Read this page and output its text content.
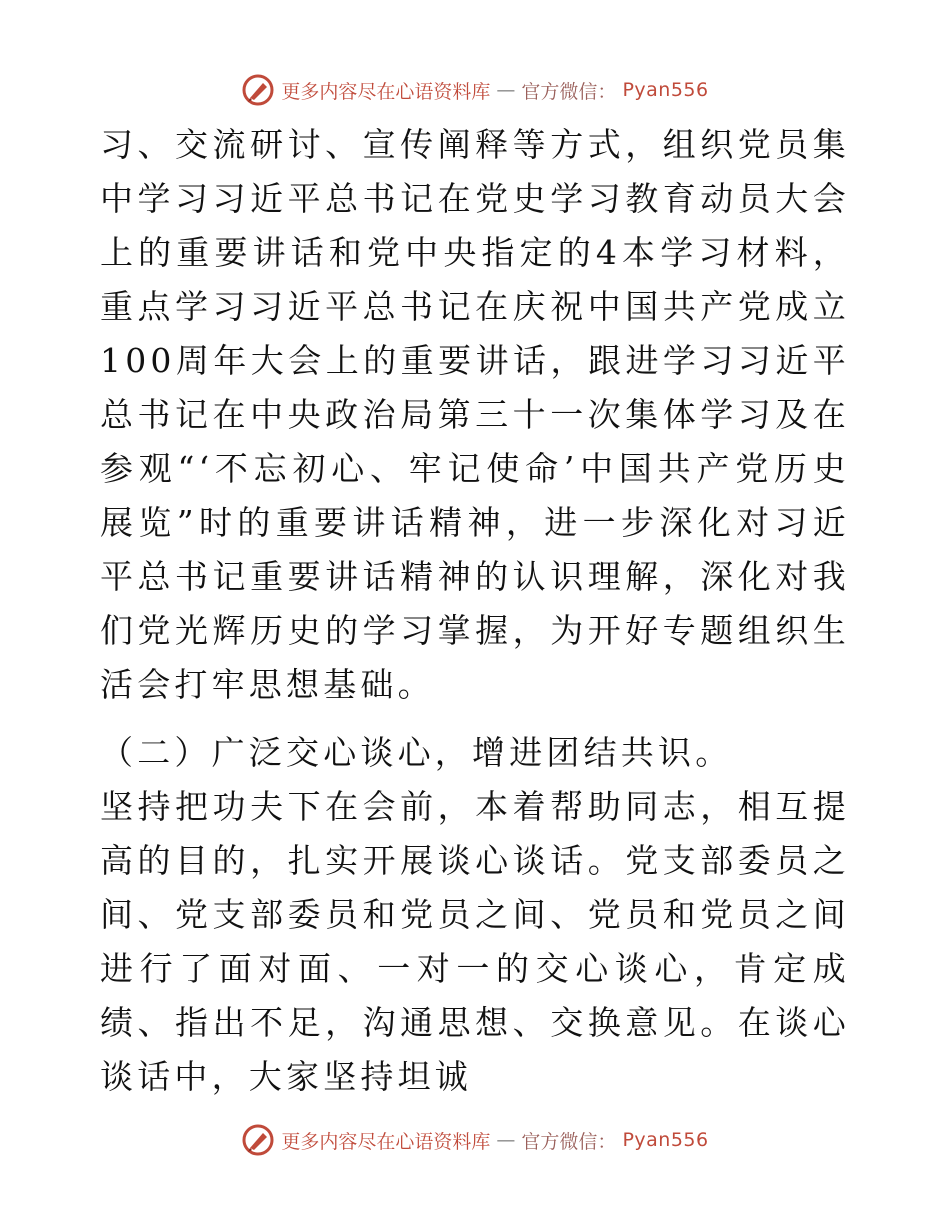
更多内容尽在心语资料库 — 官方微信： Pyan556

习、交流研讨、宣传阐释等方式，组织党员集中学习习近平总书记在党史学习教育动员大会上的重要讲话和党中央指定的4本学习材料，重点学习习近平总书记在庆祝中国共产党成立100周年大会上的重要讲话，跟进学习习近平总书记在中央政治局第三十一次集体学习及在参观“‘不忘初心、牢记使命’中国共产党历史展览”时的重要讲话精神，进一步深化对习近平总书记重要讲话精神的认识理解，深化对我们党光辉历史的学习掌握，为开好专题组织生活会打牢思想基础。

（二）广泛交心谈心，增进团结共识。

坚持把功夫下在会前，本着帮助同志，相互提高的目的，扎实开展谈心谈话。党支部委员之间、党支部委员和党员之间、党员和党员之间进行了面对面、一对一的交心谈心，肯定成绩、指出不足，沟通思想、交换意见。在谈心谈话中，大家坚持坦诚

更多内容尽在心语资料库 — 官方微信： Pyan556
